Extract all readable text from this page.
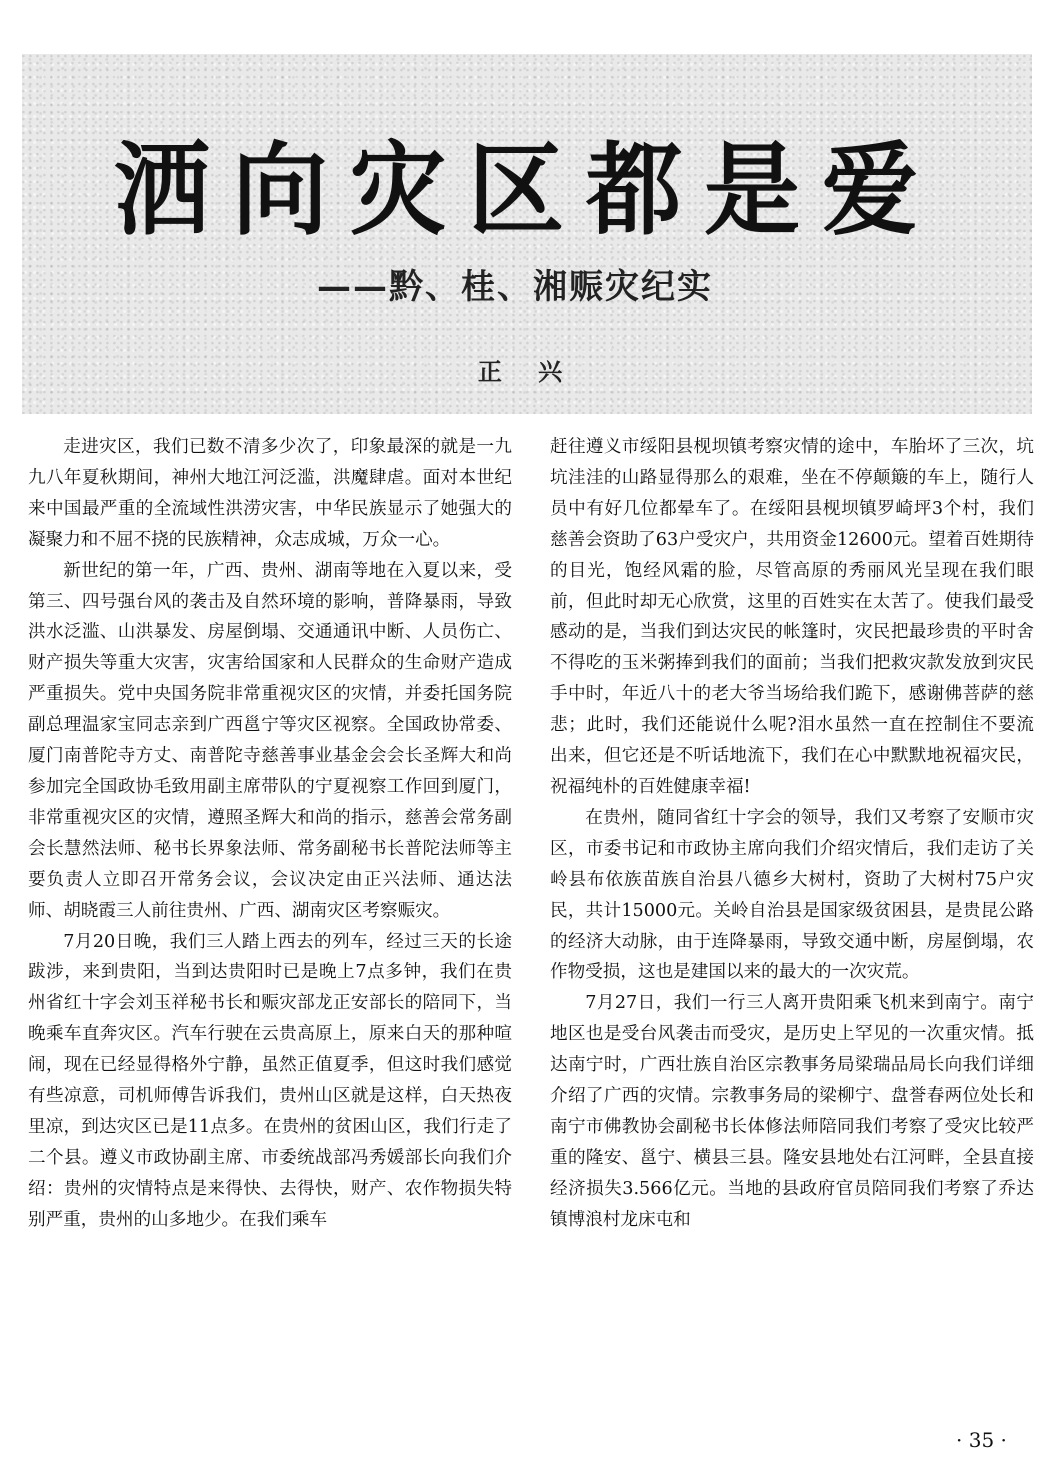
洒向灾区都是爱
——黔、桂、湘赈灾纪实
正 兴

走进灾区，我们已数不清多少次了，印象最深的就是一九九八年夏秋期间，神州大地江河泛滥，洪魔肆虐。面对本世纪来中国最严重的全流域性洪涝灾害，中华民族显示了她强大的凝聚力和不屈不挠的民族精神，众志成城，万众一心。

新世纪的第一年，广西、贵州、湖南等地在入夏以来，受第三、四号强台风的袭击及自然环境的影响，普降暴雨，导致洪水泛滥、山洪暴发、房屋倒塌、交通通讯中断、人员伤亡、财产损失等重大灾害，灾害给国家和人民群众的生命财产造成严重损失。党中央国务院非常重视灾区的灾情，并委托国务院副总理温家宝同志亲到广西邕宁等灾区视察。全国政协常委、厦门南普陀寺方丈、南普陀寺慈善事业基金会会长圣辉大和尚参加完全国政协毛致用副主席带队的宁夏视察工作回到厦门，非常重视灾区的灾情，遵照圣辉大和尚的指示，慈善会常务副会长慧然法师、秘书长界象法师、常务副秘书长普陀法师等主要负责人立即召开常务会议，会议决定由正兴法师、通达法师、胡晓霞三人前往贵州、广西、湖南灾区考察赈灾。

7月20日晚，我们三人踏上西去的列车，经过三天的长途跋涉，来到贵阳，当到达贵阳时已是晚上7点多钟，我们在贵州省红十字会刘玉祥秘书长和赈灾部龙正安部长的陪同下，当晚乘车直奔灾区。汽车行驶在云贵高原上，原来白天的那种喧闹，现在已经显得格外宁静，虽然正值夏季，但这时我们感觉有些凉意，司机师傅告诉我们，贵州山区就是这样，白天热夜里凉，到达灾区已是11点多。在贵州的贫困山区，我们行走了二个县。遵义市政协副主席、市委统战部冯秀媛部长向我们介绍：贵州的灾情特点是来得快、去得快，财产、农作物损失特别严重，贵州的山多地少。在我们乘车

赶往遵义市绥阳县枧坝镇考察灾情的途中，车胎坏了三次，坑坑洼洼的山路显得那么的艰难，坐在不停颠簸的车上，随行人员中有好几位都晕车了。在绥阳县枧坝镇罗崎坪3个村，我们慈善会资助了63户受灾户，共用资金12600元。望着百姓期待的目光，饱经风霜的脸，尽管高原的秀丽风光呈现在我们眼前，但此时却无心欣赏，这里的百姓实在太苦了。使我们最受感动的是，当我们到达灾民的帐篷时，灾民把最珍贵的平时舍不得吃的玉米粥捧到我们的面前；当我们把救灾款发放到灾民手中时，年近八十的老大爷当场给我们跪下，感谢佛菩萨的慈悲；此时，我们还能说什么呢?泪水虽然一直在控制住不要流出来，但它还是不听话地流下，我们在心中默默地祝福灾民，祝福纯朴的百姓健康幸福!

在贵州，随同省红十字会的领导，我们又考察了安顺市灾区，市委书记和市政协主席向我们介绍灾情后，我们走访了关岭县布依族苗族自治县八德乡大树村，资助了大树村75户灾民，共计15000元。关岭自治县是国家级贫困县，是贵昆公路的经济大动脉，由于连降暴雨，导致交通中断，房屋倒塌，农作物受损，这也是建国以来的最大的一次灾荒。

7月27日，我们一行三人离开贵阳乘飞机来到南宁。南宁地区也是受台风袭击而受灾，是历史上罕见的一次重灾情。抵达南宁时，广西壮族自治区宗教事务局梁瑞品局长向我们详细介绍了广西的灾情。宗教事务局的梁柳宁、盘誉春两位处长和南宁市佛教协会副秘书长体修法师陪同我们考察了受灾比较严重的隆安、邕宁、横县三县。隆安县地处右江河畔，全县直接经济损失3.566亿元。当地的县政府官员陪同我们考察了乔达镇博浪村龙床屯和

· 35 ·
